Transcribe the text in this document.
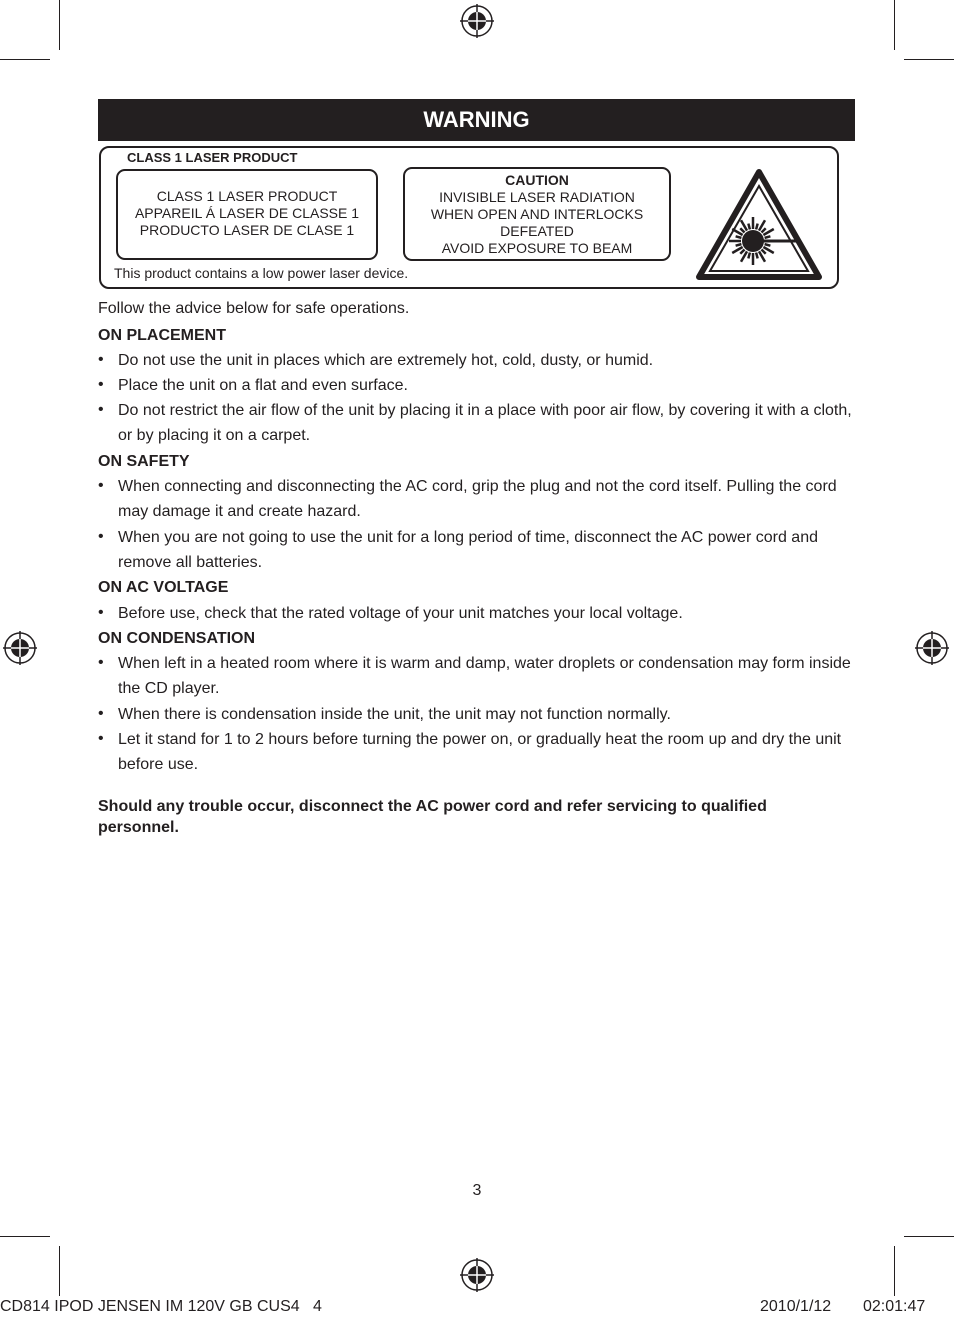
WARNING
CLASS 1 LASER PRODUCT
CLASS 1 LASER PRODUCT
APPAREIL Á LASER DE CLASSE 1
PRODUCTO LASER DE CLASE 1
CAUTION
INVISIBLE LASER RADIATION
WHEN OPEN AND INTERLOCKS
DEFEATED
AVOID EXPOSURE TO BEAM
This product contains a low power laser device.
Follow the advice below for safe operations.
ON PLACEMENT
• Do not use the unit in places which are extremely hot, cold, dusty, or humid.
• Place the unit on a flat and even surface.
• Do not restrict the air flow of the unit by placing it in a place with poor air flow, by covering it with a cloth, or by placing it on a carpet.
ON SAFETY
• When connecting and disconnecting the AC cord, grip the plug and not the cord itself. Pulling the cord may damage it and create hazard.
• When you are not going to use the unit for a long period of time, disconnect the AC power cord and remove all batteries.
ON AC VOLTAGE
• Before use, check that the rated voltage of your unit matches your local voltage.
ON CONDENSATION
• When left in a heated room where it is warm and damp, water droplets or condensation may form inside the CD player.
• When there is condensation inside the unit, the unit may not function normally.
• Let it stand for 1 to 2 hours before turning the power on, or gradually heat the room up and dry the unit before use.
Should any trouble occur, disconnect the AC power cord and refer servicing to qualified personnel.
3
CD814 IPOD JENSEN IM 120V GB CUS4   4	2010/1/12 02:01:47
